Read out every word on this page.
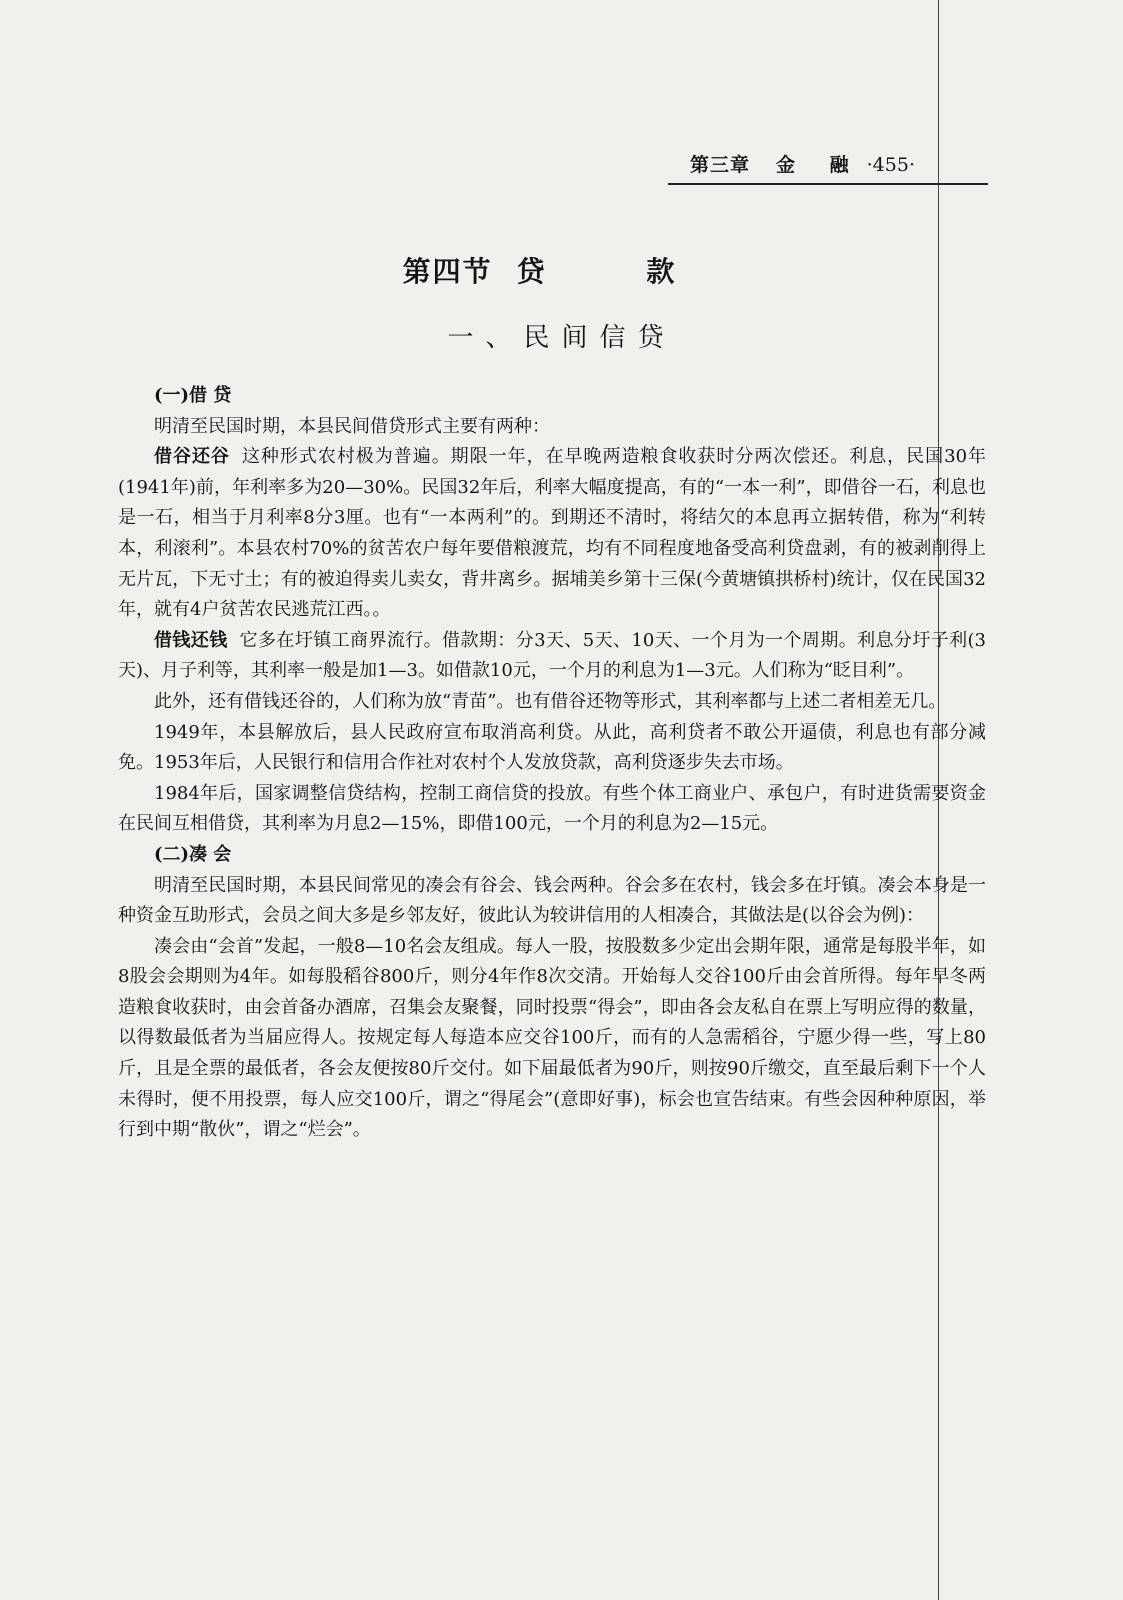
第三章 金 融 ·455·
第四节 贷 款
一、民间信贷

(一)借 贷

明清至民国时期，本县民间借贷形式主要有两种：

借谷还谷 这种形式农村极为普遍。期限一年，在早晚两造粮食收获时分两次偿还。利息，民国30年(1941年)前，年利率多为20—30%。民国32年后，利率大幅度提高，有的“一本一利”，即借谷一石，利息也是一石，相当于月利率8分3厘。也有“一本两利”的。到期还不清时，将结欠的本息再立据转借，称为“利转本，利滚利”。本县农村70%的贫苦农户每年要借粮渡荒，均有不同程度地备受高利贷盘剥，有的被剥削得上无片瓦，下无寸土；有的被迫得卖儿卖女，背井离乡。据埔美乡第十三保(今黄塘镇拱桥村)统计，仅在民国32年，就有4户贫苦农民逃荒江西。。

借钱还钱 它多在圩镇工商界流行。借款期：分3天、5天、10天、一个月为一个周期。利息分圩子利(3天)、月子利等，其利率一般是加1—3。如借款10元，一个月的利息为1—3元。人们称为“眨目利”。

此外，还有借钱还谷的，人们称为放“青苗”。也有借谷还物等形式，其利率都与上述二者相差无几。

1949年，本县解放后，县人民政府宣布取消高利贷。从此，高利贷者不敢公开逼债，利息也有部分减免。1953年后，人民银行和信用合作社对农村个人发放贷款，高利贷逐步失去市场。

1984年后，国家调整信贷结构，控制工商信贷的投放。有些个体工商业户、承包户，有时进货需要资金在民间互相借贷，其利率为月息2—15%，即借100元，一个月的利息为2—15元。

(二)凑 会

明清至民国时期，本县民间常见的凑会有谷会、钱会两种。谷会多在农村，钱会多在圩镇。凑会本身是一种资金互助形式，会员之间大多是乡邻友好，彼此认为较讲信用的人相凑合，其做法是(以谷会为例)：

凑会由“会首”发起，一般8—10名会友组成。每人一股，按股数多少定出会期年限，通常是每股半年，如8股会会期则为4年。如每股稻谷800斤，则分4年作8次交清。开始每人交谷100斤由会首所得。每年早冬两造粮食收获时，由会首备办酒席，召集会友聚餐，同时投票“得会”，即由各会友私自在票上写明应得的数量，以得数最低者为当届应得人。按规定每人每造本应交谷100斤，而有的人急需稻谷，宁愿少得一些，写上80斤，且是全票的最低者，各会友便按80斤交付。如下届最低者为90斤，则按90斤缴交，直至最后剩下一个人未得时，便不用投票，每人应交100斤，谓之“得尾会”(意即好事)，标会也宣告结束。有些会因种种原因，举行到中期“散伙”，谓之“烂会”。
